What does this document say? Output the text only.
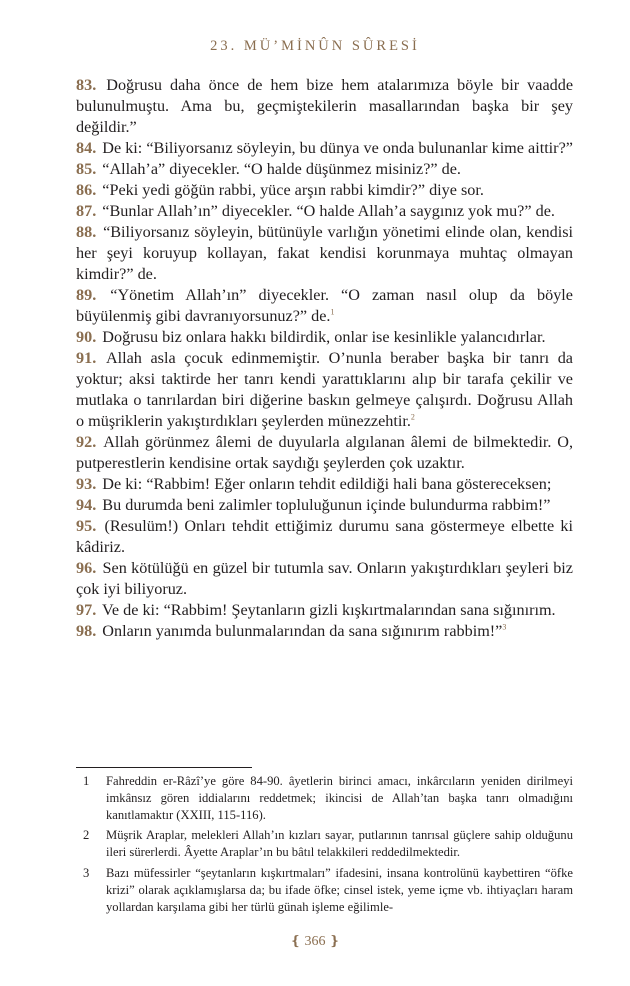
23. MÜ’MİNÛN SÛRESİ

83. Doğrusu daha önce de hem bize hem atalarımıza böyle bir vaadde bulunulmuştu. Ama bu, geçmiştekilerin masallarından başka bir şey değildir.”

84. De ki: “Biliyorsanız söyleyin, bu dünya ve onda bulunanlar kime aittir?”

85. “Allah’a” diyecekler. “O halde düşünmez misiniz?” de.

86. “Peki yedi göğün rabbi, yüce arşın rabbi kimdir?” diye sor.

87. “Bunlar Allah’ın” diyecekler. “O halde Allah’a saygınız yok mu?” de.

88. “Biliyorsanız söyleyin, bütünüyle varlığın yönetimi elinde olan, kendisi her şeyi koruyup kollayan, fakat kendisi korunmaya muhtaç olmayan kimdir?” de.

89. “Yönetim Allah’ın” diyecekler. “O zaman nasıl olup da böyle büyülenmiş gibi davranıyorsunuz?” de.$^1$

90. Doğrusu biz onlara hakkı bildirdik, onlar ise kesinlikle yalancıdırlar.

91. Allah asla çocuk edinmemiştir. O’nunla beraber başka bir tanrı da yoktur; aksi taktirde her tanrı kendi yarattıklarını alıp bir tarafa çekilir ve mutlaka o tanrılardan biri diğerine baskın gelmeye çalışırdı. Doğrusu Allah o müşriklerin yakıştırdıkları şeylerden münezzehtir.$^2$

92. Allah görünmez âlemi de duyularla algılanan âlemi de bilmektedir. O, putperestlerin kendisine ortak saydığı şeylerden çok uzaktır.

93. De ki: “Rabbim! Eğer onların tehdit edildiği hali bana göstereceksen;

94. Bu durumda beni zalimler topluluğunun içinde bulundurma rabbim!”

95. (Resulüm!) Onları tehdit ettiğimiz durumu sana göstermeye elbette ki kâdiriz.

96. Sen kötülüğü en güzel bir tutumla sav. Onların yakıştırdıkları şeyleri biz çok iyi biliyoruz.

97. Ve de ki: “Rabbim! Şeytanların gizli kışkırtmalarından sana sığınırım.

98. Onların yanımda bulunmalarından da sana sığınırım rabbim!”$^3$

1	Fahreddin er-Râzî’ye göre 84-90. âyetlerin birinci amacı, inkârcıların yeniden dirilmeyi imkânsız gören iddialarını reddetmek; ikincisi de Allah’tan başka tanrı olmadığını kanıtlamaktır (XXIII, 115-116).
2	Müşrik Araplar, melekleri Allah’ın kızları sayar, putlarının tanrısal güçlere sahip olduğunu ileri sürerlerdi. Âyette Araplar’ın bu bâtıl telakkileri reddedilmektedir.
3	Bazı müfessirler “şeytanların kışkırtmaları” ifadesini, insana kontrolünü kaybettiren “öfke krizi” olarak açıklamışlarsa da; bu ifade öfke; cinsel istek, yeme içme vb. ihtiyaçları haram yollardan karşılama gibi her türlü günah işleme eğilimle-
❴ 366 ❵
